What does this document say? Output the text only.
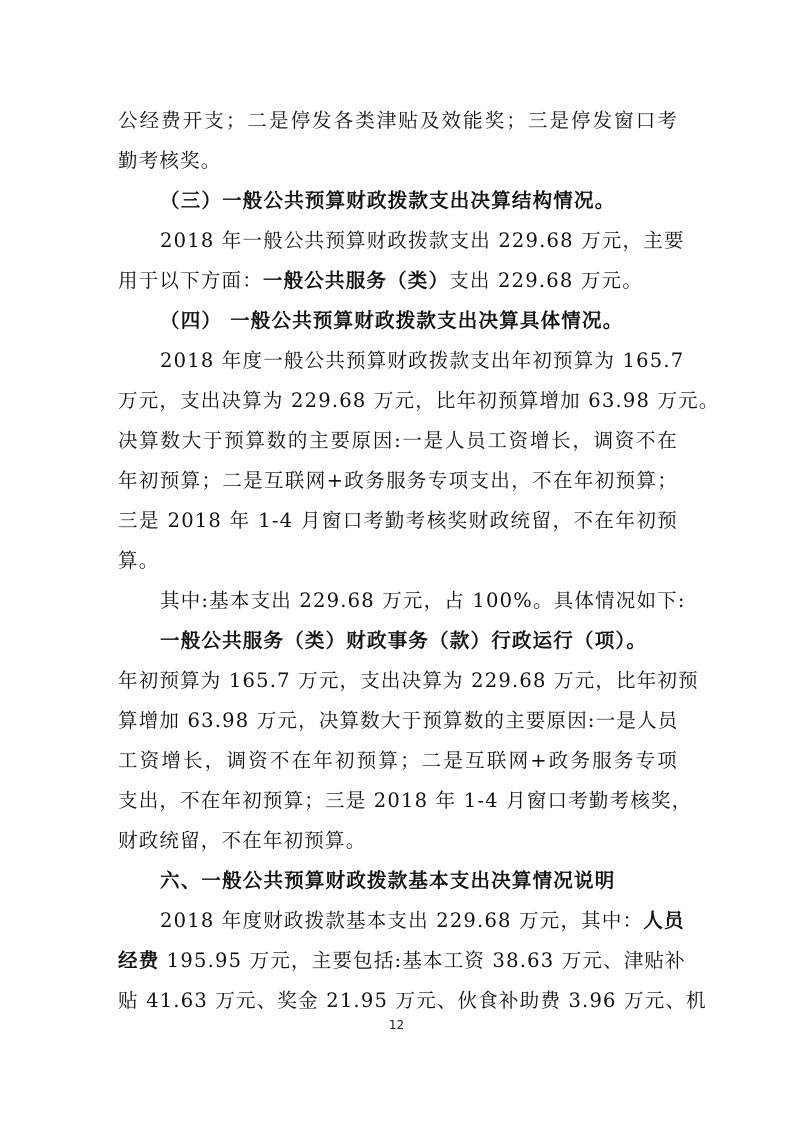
公经费开支；二是停发各类津贴及效能奖；三是停发窗口考
勤考核奖。
（三）一般公共预算财政拨款支出决算结构情况。
2018 年一般公共预算财政拨款支出 229.68 万元，主要
用于以下方面：一般公共服务（类）支出 229.68 万元。
（四） 一般公共预算财政拨款支出决算具体情况。
2018 年度一般公共预算财政拨款支出年初预算为 165.7
万元，支出决算为 229.68 万元，比年初预算增加 63.98 万元。
决算数大于预算数的主要原因:一是人员工资增长，调资不在
年初预算；二是互联网+政务服务专项支出，不在年初预算；
三是 2018 年 1-4 月窗口考勤考核奖财政统留，不在年初预
算。
其中:基本支出 229.68 万元，占 100%。具体情况如下:
一般公共服务（类）财政事务（款）行政运行（项）。
年初预算为 165.7 万元，支出决算为 229.68 万元，比年初预
算增加 63.98 万元，决算数大于预算数的主要原因:一是人员
工资增长，调资不在年初预算；二是互联网+政务服务专项
支出，不在年初预算；三是 2018 年 1-4 月窗口考勤考核奖，
财政统留，不在年初预算。
六、一般公共预算财政拨款基本支出决算情况说明
2018 年度财政拨款基本支出 229.68 万元，其中：人员
经费 195.95 万元，主要包括:基本工资 38.63 万元、津贴补
贴 41.63 万元、奖金 21.95 万元、伙食补助费 3.96 万元、机
12
